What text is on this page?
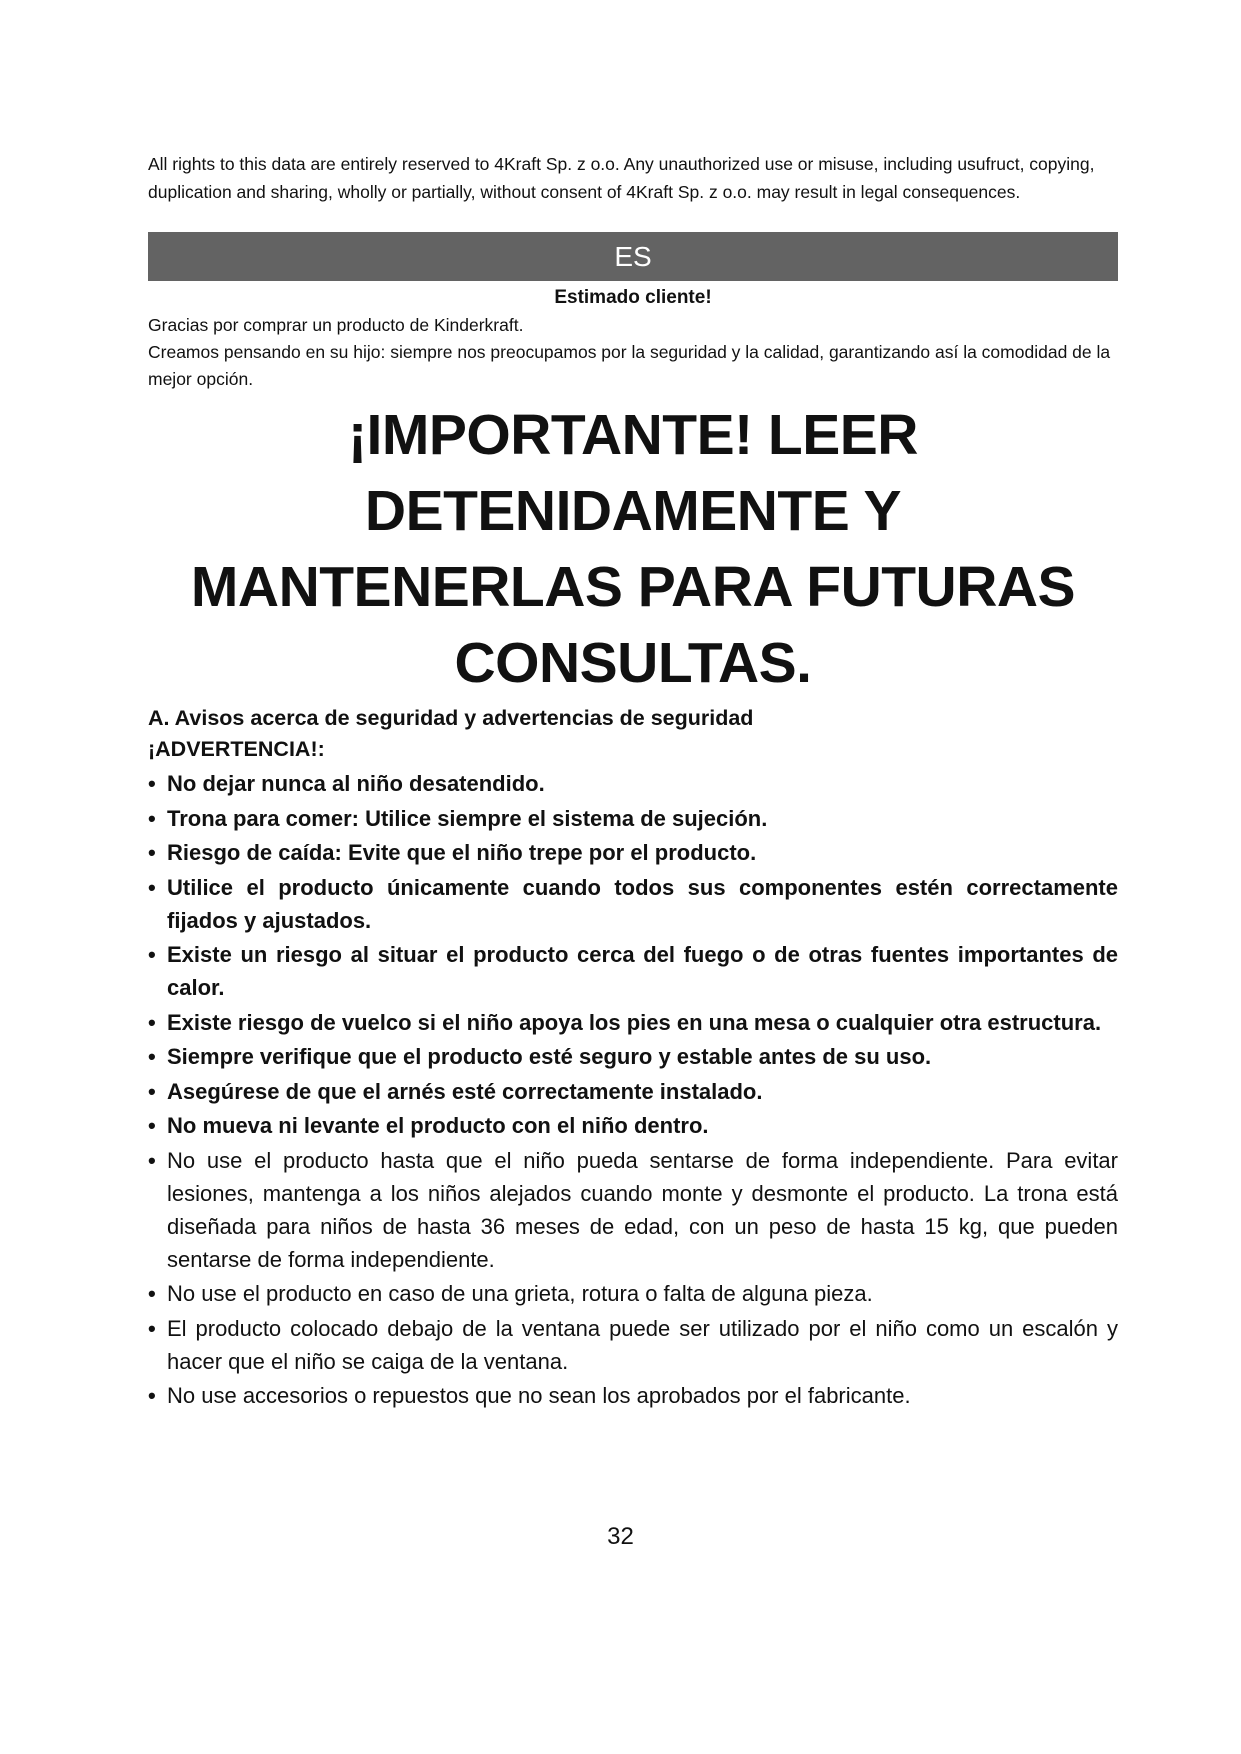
All rights to this data are entirely reserved to 4Kraft Sp. z o.o. Any unauthorized use or misuse, including usufruct, copying, duplication and sharing, wholly or partially, without consent of 4Kraft Sp. z o.o. may result in legal consequences.

ES
Estimado cliente!

Gracias por comprar un producto de Kinderkraft.

Creamos pensando en su hijo: siempre nos preocupamos por la seguridad y la calidad, garantizando así la comodidad de la mejor opción.

¡IMPORTANTE! LEER DETENIDAMENTE Y MANTENERLAS PARA FUTURAS CONSULTAS.
A. Avisos acerca de seguridad y advertencias de seguridad
¡ADVERTENCIA!:
• No dejar nunca al niño desatendido.
• Trona para comer: Utilice siempre el sistema de sujeción.
• Riesgo de caída: Evite que el niño trepe por el producto.
• Utilice el producto únicamente cuando todos sus componentes estén correctamente fijados y ajustados.
• Existe un riesgo al situar el producto cerca del fuego o de otras fuentes importantes de calor.
• Existe riesgo de vuelco si el niño apoya los pies en una mesa o cualquier otra estructura.
• Siempre verifique que el producto esté seguro y estable antes de su uso.
• Asegúrese de que el arnés esté correctamente instalado.
• No mueva ni levante el producto con el niño dentro.
• No use el producto hasta que el niño pueda sentarse de forma independiente. Para evitar lesiones, mantenga a los niños alejados cuando monte y desmonte el producto. La trona está diseñada para niños de hasta 36 meses de edad, con un peso de hasta 15 kg, que pueden sentarse de forma independiente.
• No use el producto en caso de una grieta, rotura o falta de alguna pieza.
• El producto colocado debajo de la ventana puede ser utilizado por el niño como un escalón y hacer que el niño se caiga de la ventana.
• No use accesorios o repuestos que no sean los aprobados por el fabricante.
32
